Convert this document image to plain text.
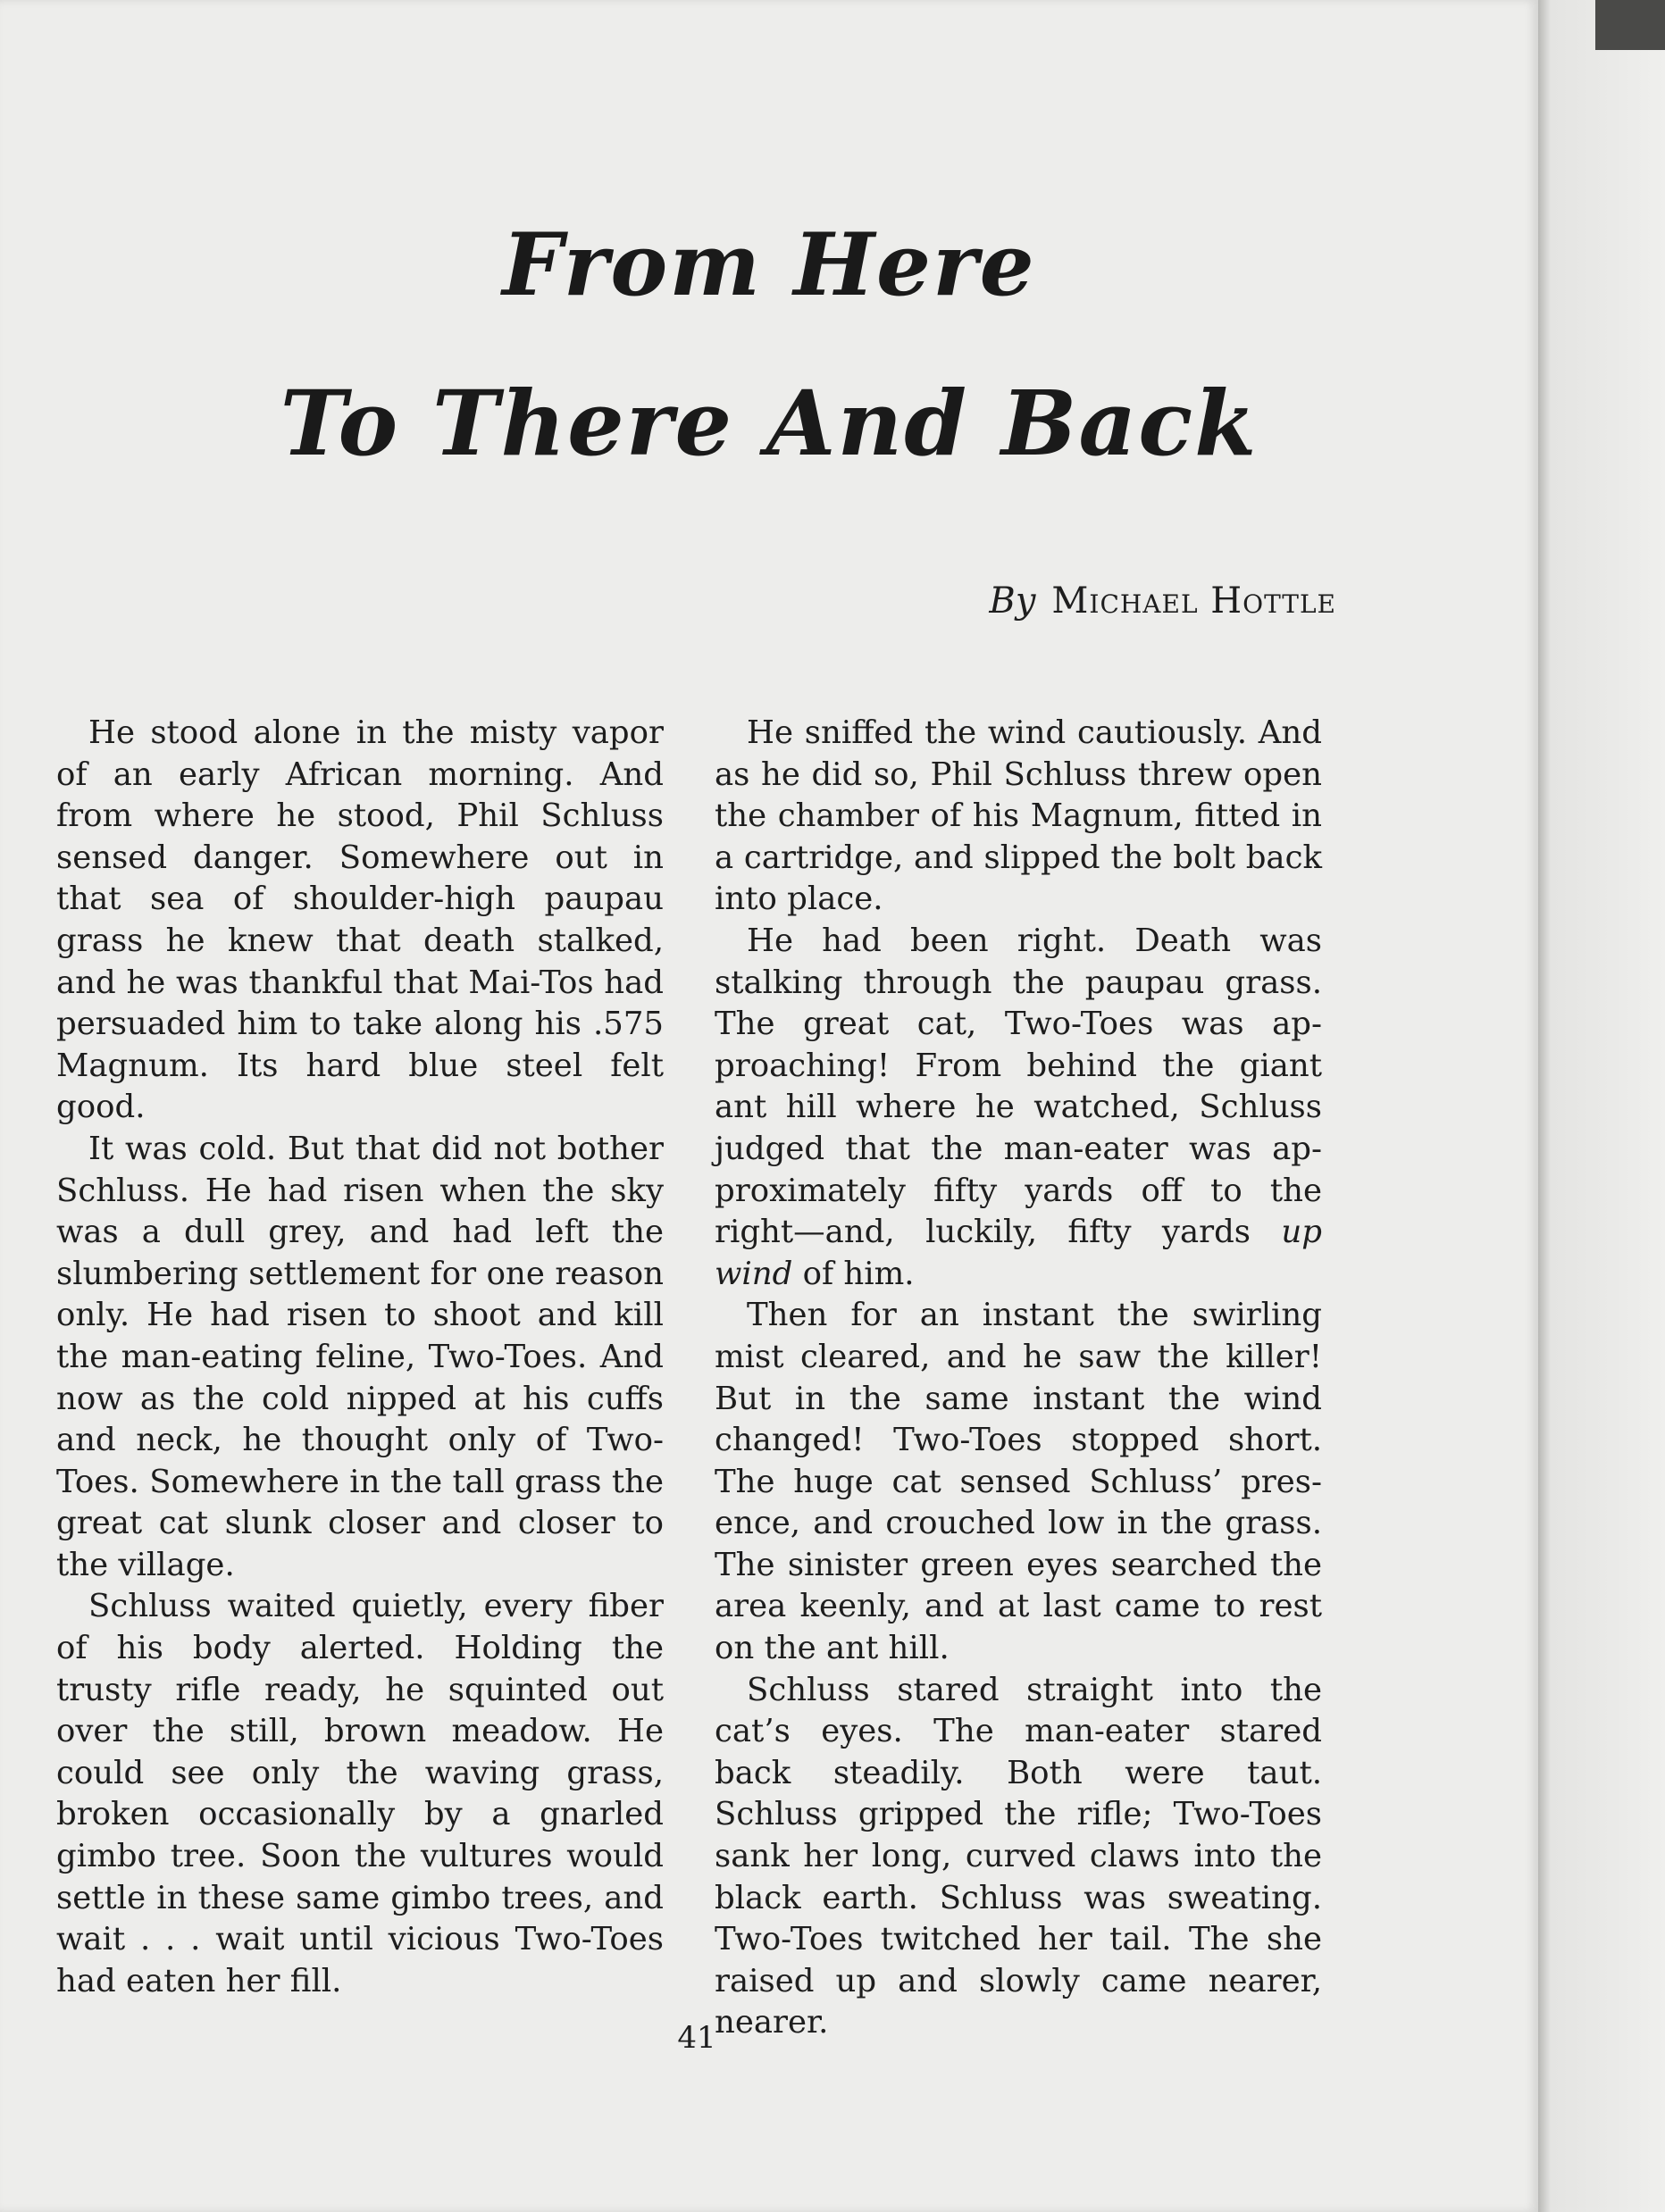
From Here
To There And Back
By Michael Hottle

He stood alone in the misty vapor of an early African morning. And from where he stood, Phil Schluss sensed danger. Somewhere out in that sea of shoulder-high paupau grass he knew that death stalked, and he was thankful that Mai-Tos had persuaded him to take along his .575 Magnum. Its hard blue steel felt good.

It was cold. But that did not bother Schluss. He had risen when the sky was a dull grey, and had left the slumbering settlement for one reason only. He had risen to shoot and kill the man-eating feline, Two-Toes. And now as the cold nipped at his cuffs and neck, he thought only of Two-Toes. Somewhere in the tall grass the great cat slunk closer and closer to the village.

Schluss waited quietly, every fiber of his body alerted. Holding the trusty rifle ready, he squinted out over the still, brown meadow. He could see only the waving grass, broken occasionally by a gnarled gimbo tree. Soon the vultures would settle in these same gimbo trees, and wait . . . wait until vicious Two-Toes had eaten her fill.

He sniffed the wind cautiously. And as he did so, Phil Schluss threw open the chamber of his Magnum, fitted in a cartridge, and slipped the bolt back into place.

He had been right. Death was stalking through the paupau grass. The great cat, Two-Toes was approaching! From behind the giant ant hill where he watched, Schluss judged that the man-eater was approximately fifty yards off to the right—and, luckily, fifty yards up wind of him.

Then for an instant the swirling mist cleared, and he saw the killer! But in the same instant the wind changed! Two-Toes stopped short. The huge cat sensed Schluss’ presence, and crouched low in the grass. The sinister green eyes searched the area keenly, and at last came to rest on the ant hill.

Schluss stared straight into the cat’s eyes. The man-eater stared back steadily. Both were taut. Schluss gripped the rifle; Two-Toes sank her long, curved claws into the black earth. Schluss was sweating. Two-Toes twitched her tail. The she raised up and slowly came nearer, nearer.

41
